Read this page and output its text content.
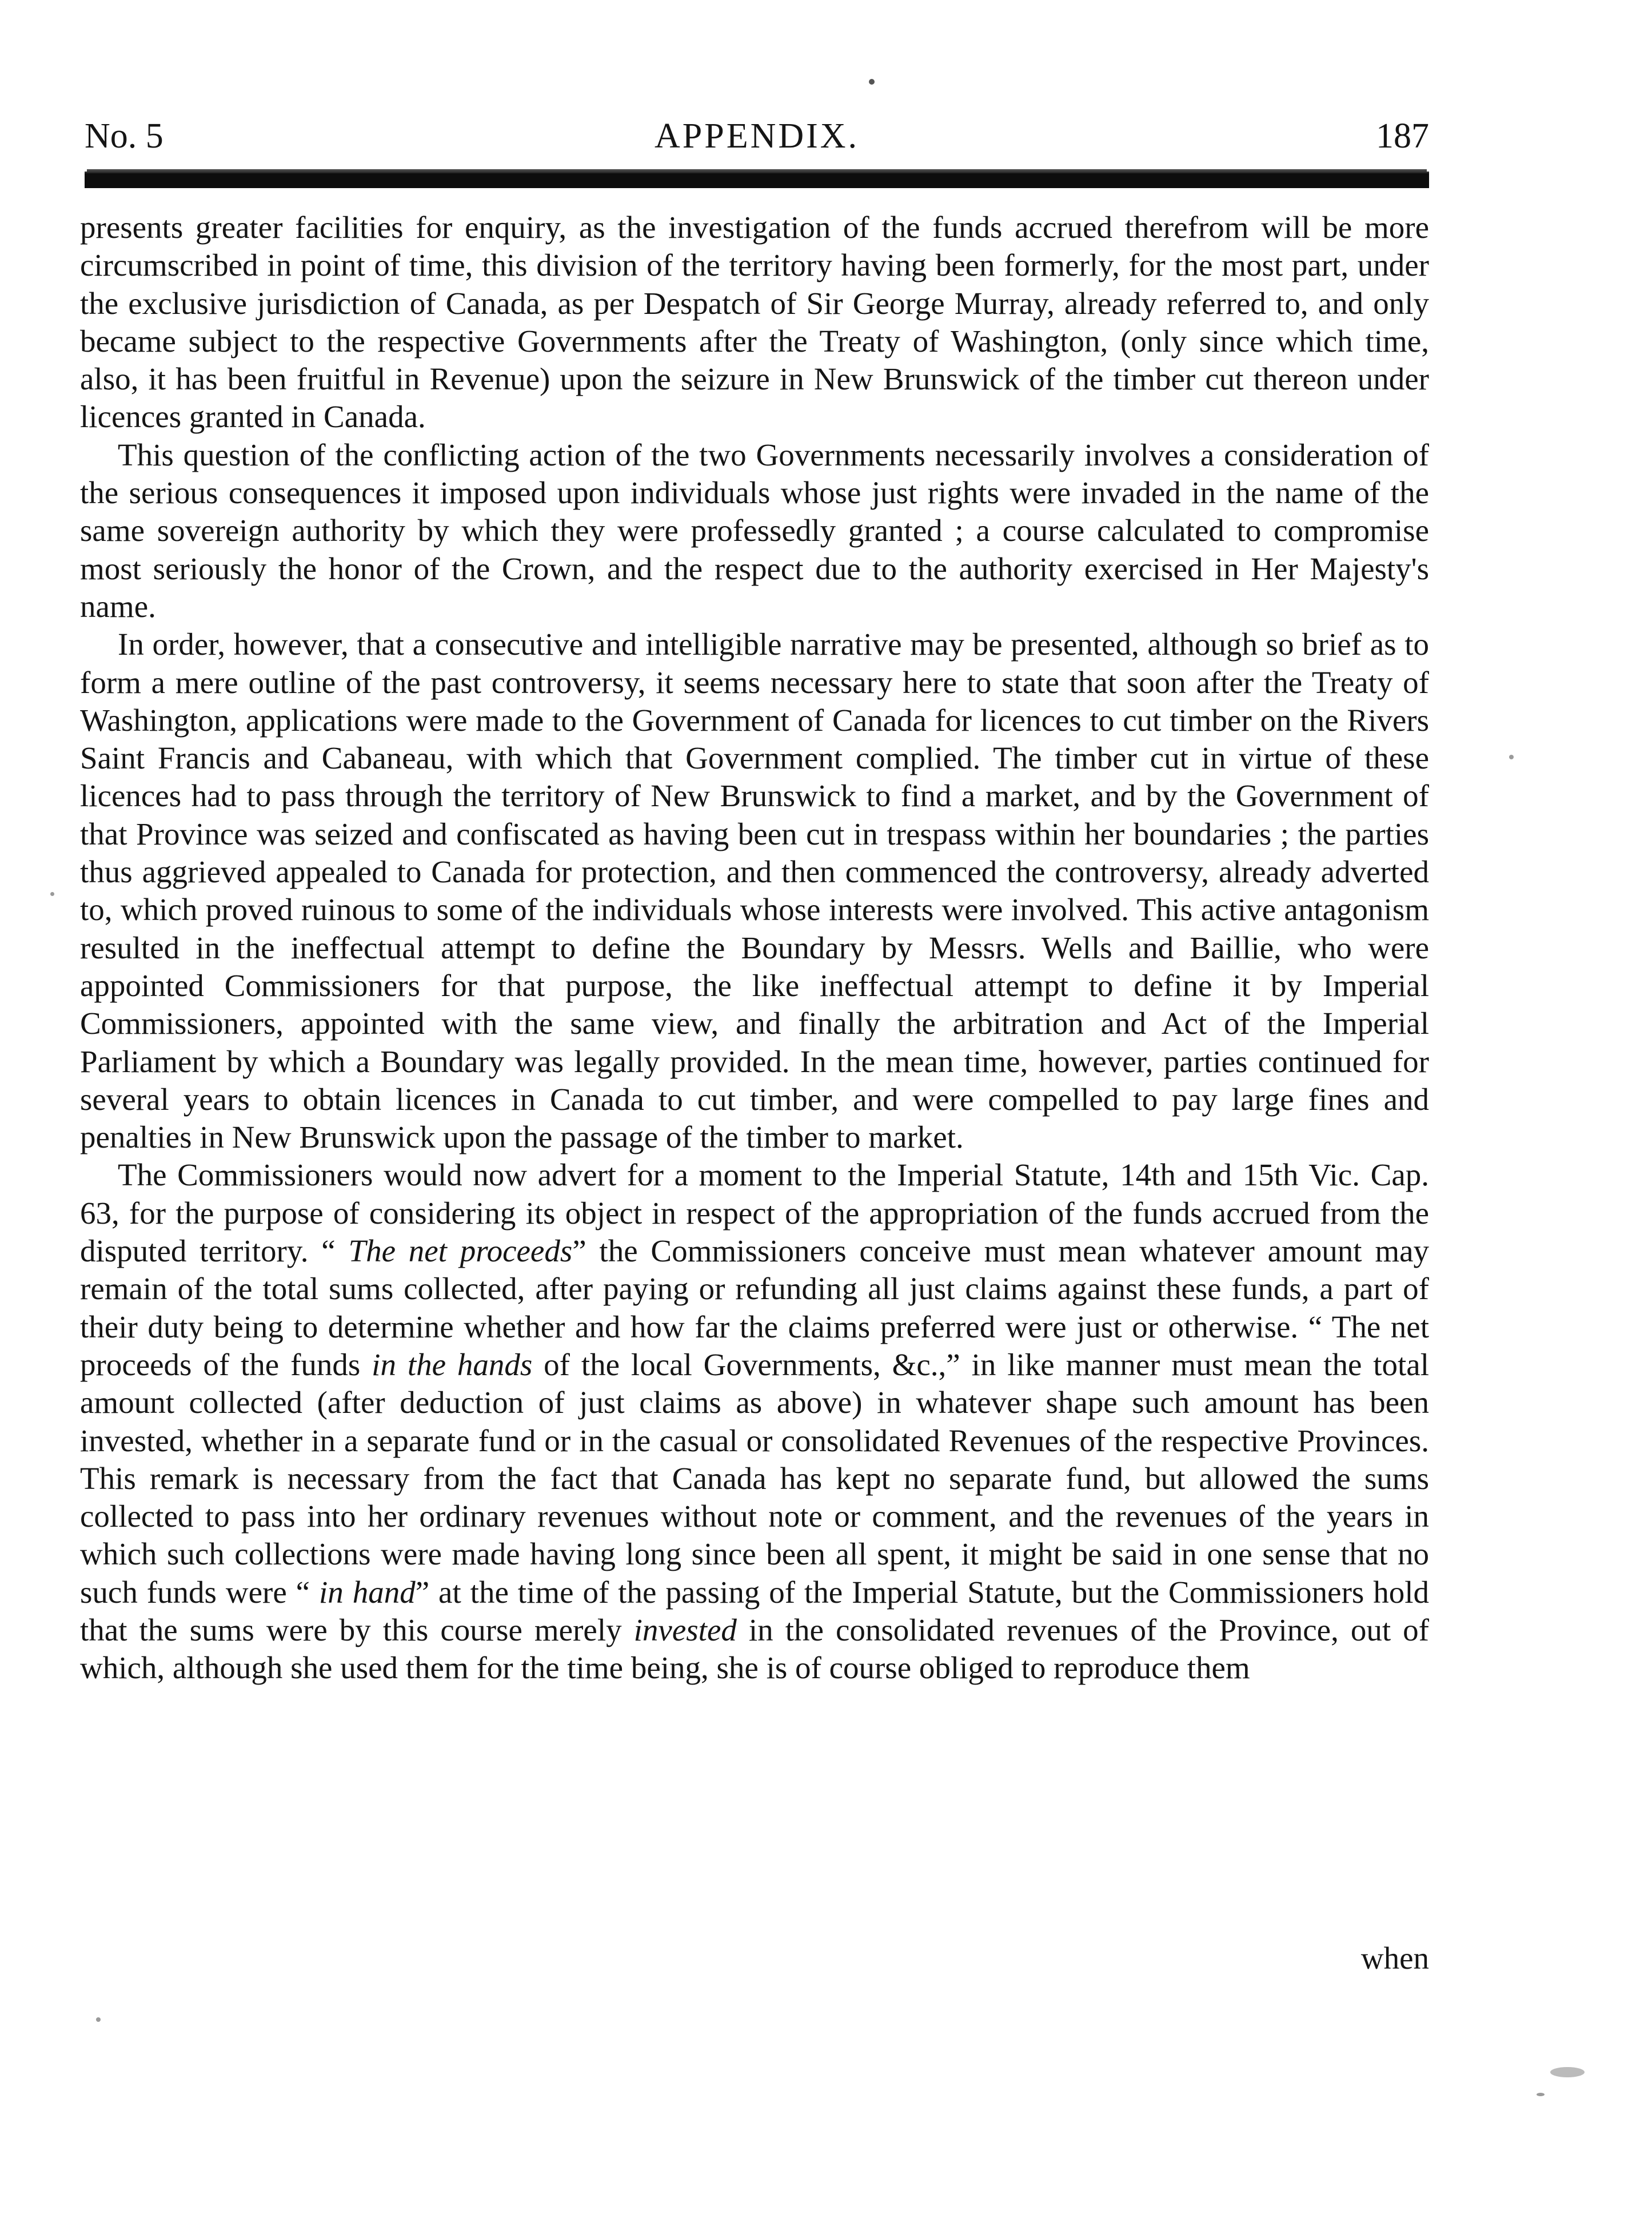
No. 5	APPENDIX.	187

presents greater facilities for enquiry, as the investigation of the funds accrued therefrom will be more circumscribed in point of time, this division of the territory having been formerly, for the most part, under the exclusive jurisdiction of Canada, as per Despatch of Sir George Murray, already referred to, and only became subject to the respective Governments after the Treaty of Washington, (only since which time, also, it has been fruitful in Revenue) upon the seizure in New Brunswick of the timber cut thereon under licences granted in Canada.

This question of the conflicting action of the two Governments necessarily involves a consideration of the serious consequences it imposed upon individuals whose just rights were invaded in the name of the same sovereign authority by which they were professedly granted ; a course calculated to compromise most seriously the honor of the Crown, and the respect due to the authority exercised in Her Majesty's name.

In order, however, that a consecutive and intelligible narrative may be presented, although so brief as to form a mere outline of the past controversy, it seems necessary here to state that soon after the Treaty of Washington, applications were made to the Government of Canada for licences to cut timber on the Rivers Saint Francis and Cabaneau, with which that Government complied. The timber cut in virtue of these licences had to pass through the territory of New Brunswick to find a market, and by the Government of that Province was seized and confiscated as having been cut in trespass within her boundaries ; the parties thus aggrieved appealed to Canada for protection, and then commenced the controversy, already adverted to, which proved ruinous to some of the individuals whose interests were involved. This active antagonism resulted in the ineffectual attempt to define the Boundary by Messrs. Wells and Baillie, who were appointed Commissioners for that purpose, the like ineffectual attempt to define it by Imperial Commissioners, appointed with the same view, and finally the arbitration and Act of the Imperial Parliament by which a Boundary was legally provided. In the mean time, however, parties continued for several years to obtain licences in Canada to cut timber, and were compelled to pay large fines and penalties in New Brunswick upon the passage of the timber to market.

The Commissioners would now advert for a moment to the Imperial Statute, 14th and 15th Vic. Cap. 63, for the purpose of considering its object in respect of the appropriation of the funds accrued from the disputed territory. “ The net proceeds” the Commissioners conceive must mean whatever amount may remain of the total sums collected, after paying or refunding all just claims against these funds, a part of their duty being to determine whether and how far the claims preferred were just or otherwise. “ The net proceeds of the funds in the hands of the local Governments, &c.,” in like manner must mean the total amount collected (after deduction of just claims as above) in whatever shape such amount has been invested, whether in a separate fund or in the casual or consolidated Revenues of the respective Provinces. This remark is necessary from the fact that Canada has kept no separate fund, but allowed the sums collected to pass into her ordinary revenues without note or comment, and the revenues of the years in which such collections were made having long since been all spent, it might be said in one sense that no such funds were “ in hand” at the time of the passing of the Imperial Statute, but the Commissioners hold that the sums were by this course merely invested in the consolidated revenues of the Province, out of which, although she used them for the time being, she is of course obliged to reproduce them

when
